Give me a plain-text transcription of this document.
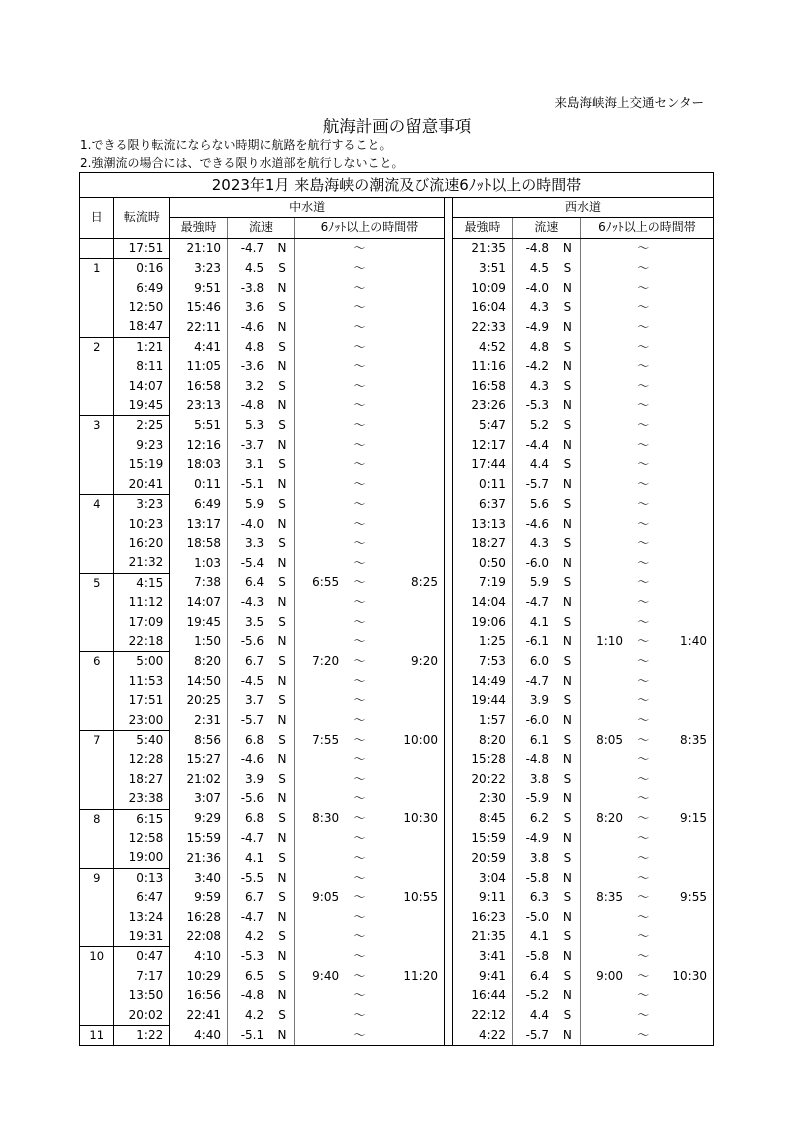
来島海峡海上交通センター
航海計画の留意事項
1.できる限り転流にならない時期に航路を航行すること。
2.強潮流の場合には、できる限り水道部を航行しないこと。
2023年1月 来島海峡の潮流及び流速6ﾉｯﾄ以上の時間帯														
日	転流時	中水道							西水道					
		最強時	流速		6ﾉｯﾄ以上の時間帯				最強時	流速		6ﾉｯﾄ以上の時間帯		
	17:51	21:10	-4.7	N		～			21:35	-4.8	N		～	
1	0:16	3:23	4.5	S		～			3:51	4.5	S		～	
	6:49	9:51	-3.8	N		～			10:09	-4.0	N		～	
	12:50	15:46	3.6	S		～			16:04	4.3	S		～	
	18:47	22:11	-4.6	N		～			22:33	-4.9	N		～	
2	1:21	4:41	4.8	S		～			4:52	4.8	S		～	
	8:11	11:05	-3.6	N		～			11:16	-4.2	N		～	
	14:07	16:58	3.2	S		～			16:58	4.3	S		～	
	19:45	23:13	-4.8	N		～			23:26	-5.3	N		～	
3	2:25	5:51	5.3	S		～			5:47	5.2	S		～	
	9:23	12:16	-3.7	N		～			12:17	-4.4	N		～	
	15:19	18:03	3.1	S		～			17:44	4.4	S		～	
	20:41	0:11	-5.1	N		～			0:11	-5.7	N		～	
4	3:23	6:49	5.9	S		～			6:37	5.6	S		～	
	10:23	13:17	-4.0	N		～			13:13	-4.6	N		～	
	16:20	18:58	3.3	S		～			18:27	4.3	S		～	
	21:32	1:03	-5.4	N		～			0:50	-6.0	N		～	
5	4:15	7:38	6.4	S	6:55	～	8:25		7:19	5.9	S		～	
	11:12	14:07	-4.3	N		～			14:04	-4.7	N		～	
	17:09	19:45	3.5	S		～			19:06	4.1	S		～	
	22:18	1:50	-5.6	N		～			1:25	-6.1	N	1:10	～	1:40
6	5:00	8:20	6.7	S	7:20	～	9:20		7:53	6.0	S		～	
	11:53	14:50	-4.5	N		～			14:49	-4.7	N		～	
	17:51	20:25	3.7	S		～			19:44	3.9	S		～	
	23:00	2:31	-5.7	N		～			1:57	-6.0	N		～	
7	5:40	8:56	6.8	S	7:55	～	10:00		8:20	6.1	S	8:05	～	8:35
	12:28	15:27	-4.6	N		～			15:28	-4.8	N		～	
	18:27	21:02	3.9	S		～			20:22	3.8	S		～	
	23:38	3:07	-5.6	N		～			2:30	-5.9	N		～	
8	6:15	9:29	6.8	S	8:30	～	10:30		8:45	6.2	S	8:20	～	9:15
	12:58	15:59	-4.7	N		～			15:59	-4.9	N		～	
	19:00	21:36	4.1	S		～			20:59	3.8	S		～	
9	0:13	3:40	-5.5	N		～			3:04	-5.8	N		～	
	6:47	9:59	6.7	S	9:05	～	10:55		9:11	6.3	S	8:35	～	9:55
	13:24	16:28	-4.7	N		～			16:23	-5.0	N		～	
	19:31	22:08	4.2	S		～			21:35	4.1	S		～	
10	0:47	4:10	-5.3	N		～			3:41	-5.8	N		～	
	7:17	10:29	6.5	S	9:40	～	11:20		9:41	6.4	S	9:00	～	10:30
	13:50	16:56	-4.8	N		～			16:44	-5.2	N		～	
	20:02	22:41	4.2	S		～			22:12	4.4	S		～	
11	1:22	4:40	-5.1	N		～			4:22	-5.7	N		～	
